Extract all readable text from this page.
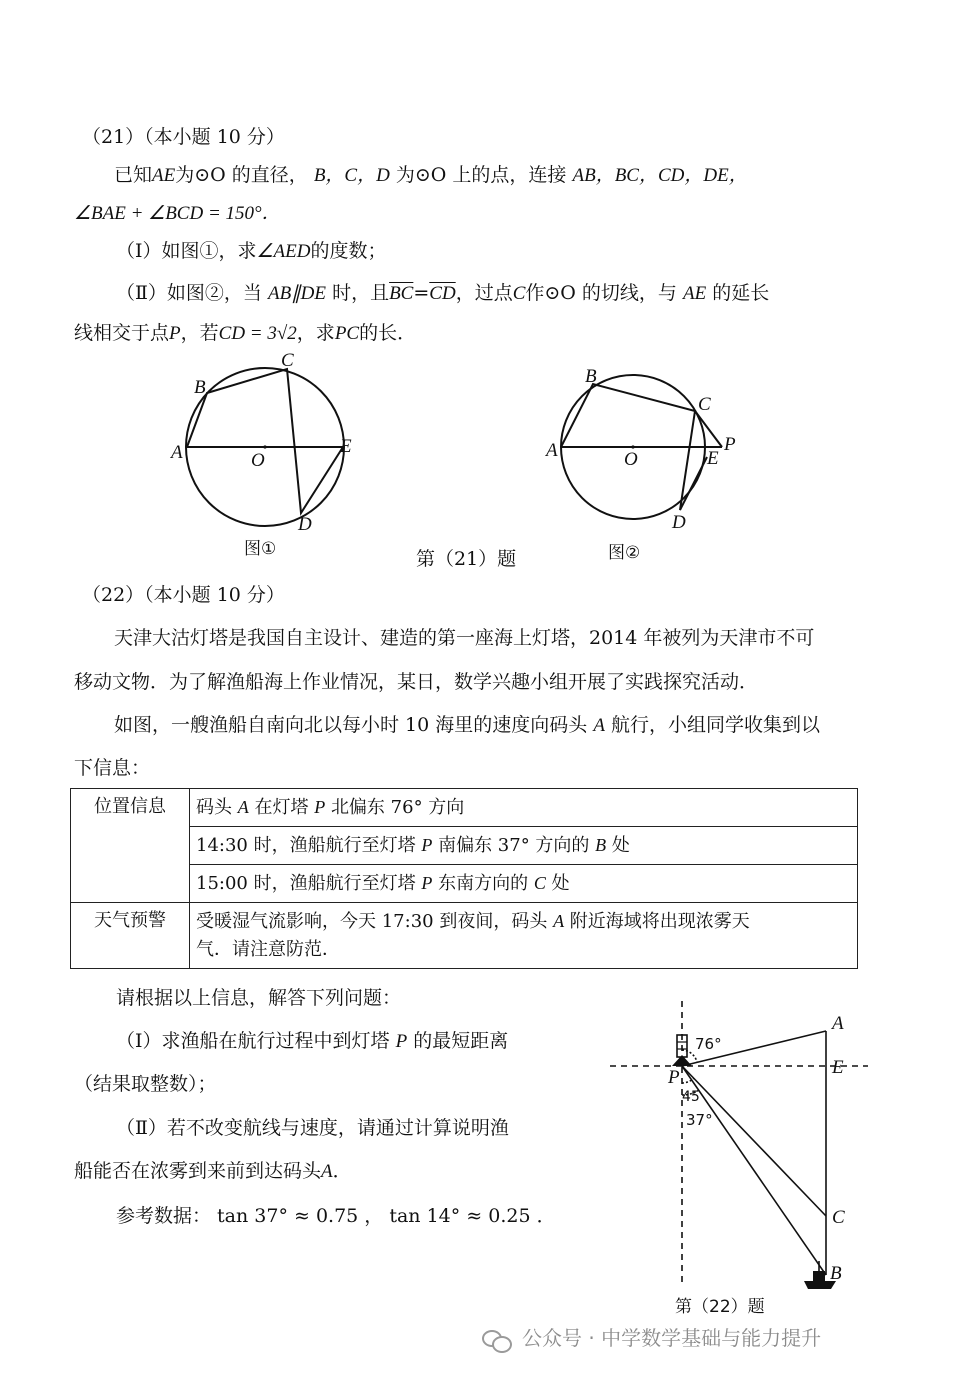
（21）（本小题 10 分）
已知AE为⊙O 的直径， B，C，D 为⊙O 上的点，连接 AB，BC，CD，DE，
∠BAE + ∠BCD = 150°．
（Ⅰ）如图①，求∠AED的度数；
（Ⅱ）如图②，当 AB∥DE 时，且$\overline{BC}=\overline{CD}$，过点C作⊙O 的切线，与 AE 的延长
线相交于点P，若CD = 3√2，求PC的长．
A
B
C
D
E
O
图①	第（21）题
A
B
C
D
E
O
P
图②
（22）（本小题 10 分）
天津大沽灯塔是我国自主设计、建造的第一座海上灯塔，2014 年被列为天津市不可
移动文物．为了解渔船海上作业情况，某日，数学兴趣小组开展了实践探究活动．
如图，一艘渔船自南向北以每小时 10 海里的速度向码头 A 航行，小组同学收集到以
下信息：
位置信息	码头 A 在灯塔 P 北偏东 76° 方向
	14:30 时，渔船航行至灯塔 P 南偏东 37° 方向的 B 处
	15:00 时，渔船航行至灯塔 P 东南方向的 C 处
天气预警	受暖湿气流影响，今天 17:30 到夜间，码头 A 附近海域将出现浓雾天
气．请注意防范．
请根据以上信息，解答下列问题：
（Ⅰ）求渔船在航行过程中到灯塔 P 的最短距离
（结果取整数）；
（Ⅱ）若不改变航线与速度，请通过计算说明渔
船能否在浓雾到来前到达码头A．
参考数据： tan 37° ≈ 0.75 ， tan 14° ≈ 0.25 ．
A
E
C
B
P
76°
45
37°
第（22）题
公众号 · 中学数学基础与能力提升
